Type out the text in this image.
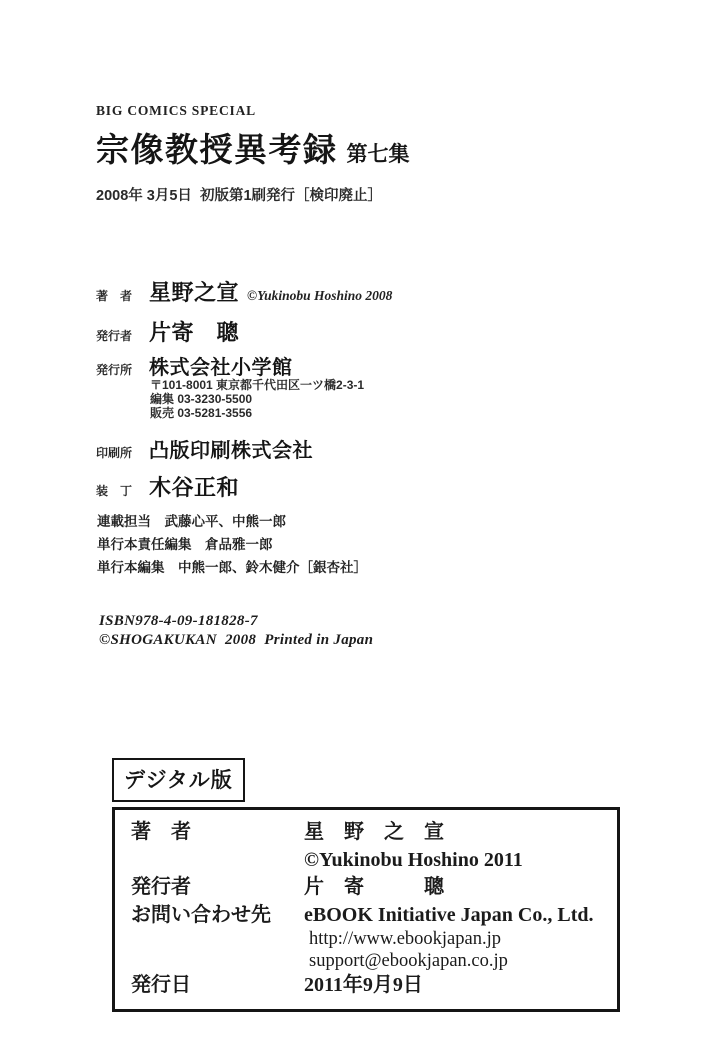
BIG COMICS SPECIAL
宗像教授異考録 第七集
2008年 3月5日  初版第1刷発行［検印廃止］
著　者 星野之宣 ©Yukinobu Hoshino 2008
発行者 片寄　聰
発行所 株式会社小学館
〒101-8001 東京都千代田区一ツ橋2-3-1
編集 03-3230-5500
販売 03-5281-3556
印刷所 凸版印刷株式会社
装　丁 木谷正和
連載担当　武藤心平、中熊一郎
単行本責任編集　倉品雅一郎
単行本編集　中熊一郎、鈴木健介［銀杏社］
ISBN978-4-09-181828-7
©SHOGAKUKAN  2008  Printed in Japan
デジタル版
著　者	星　野　之　宣
©Yukinobu Hoshino 2011
発行者	片　寄　　　聰
お問い合わせ先	eBOOK Initiative Japan Co., Ltd.
http://www.ebookjapan.jp
support@ebookjapan.co.jp
発行日	2011年9月9日
